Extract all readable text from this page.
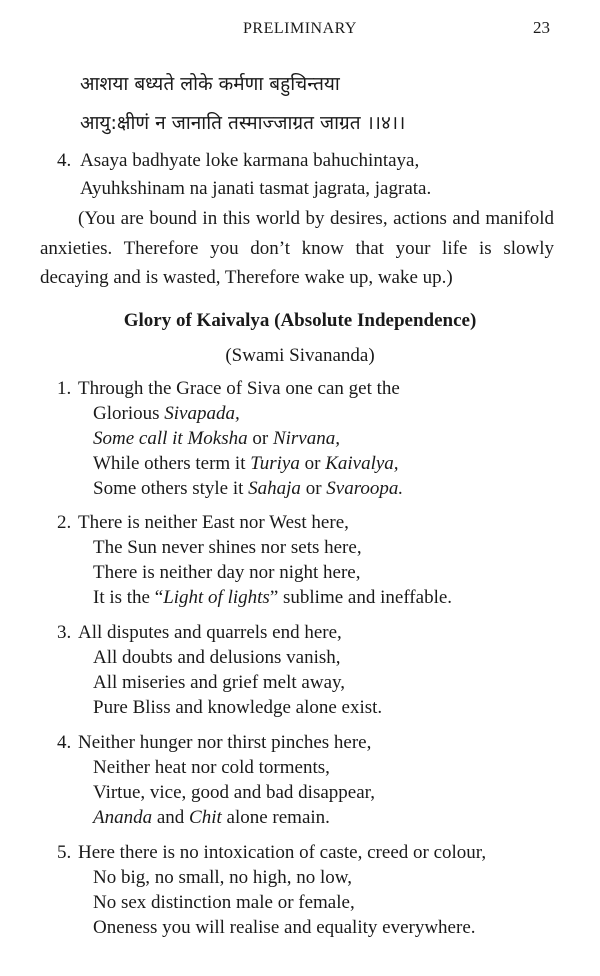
PRELIMINARY	23
आशया बध्यते लोके कर्मणा बहुचिन्तया
आयु:क्षीणं न जानाति तस्माज्जाग्रत जाग्रत ।।४।।
4. Asaya badhyate loke karmana bahuchintaya,
Ayuhkshinam na janati tasmat jagrata, jagrata.
(You are bound in this world by desires, actions and manifold anxieties. Therefore you don’t know that your life is slowly decaying and is wasted, Therefore wake up, wake up.)
Glory of Kaivalya (Absolute Independence)
(Swami Sivananda)
1. Through the Grace of Siva one can get the
Glorious Sivapada,
Some call it Moksha or Nirvana,
While others term it Turiya or Kaivalya,
Some others style it Sahaja or Svaroopa.
2. There is neither East nor West here,
The Sun never shines nor sets here,
There is neither day nor night here,
It is the “Light of lights” sublime and ineffable.
3. All disputes and quarrels end here,
All doubts and delusions vanish,
All miseries and grief melt away,
Pure Bliss and knowledge alone exist.
4. Neither hunger nor thirst pinches here,
Neither heat nor cold torments,
Virtue, vice, good and bad disappear,
Ananda and Chit alone remain.
5. Here there is no intoxication of caste, creed or colour,
No big, no small, no high, no low,
No sex distinction male or female,
Oneness you will realise and equality everywhere.
